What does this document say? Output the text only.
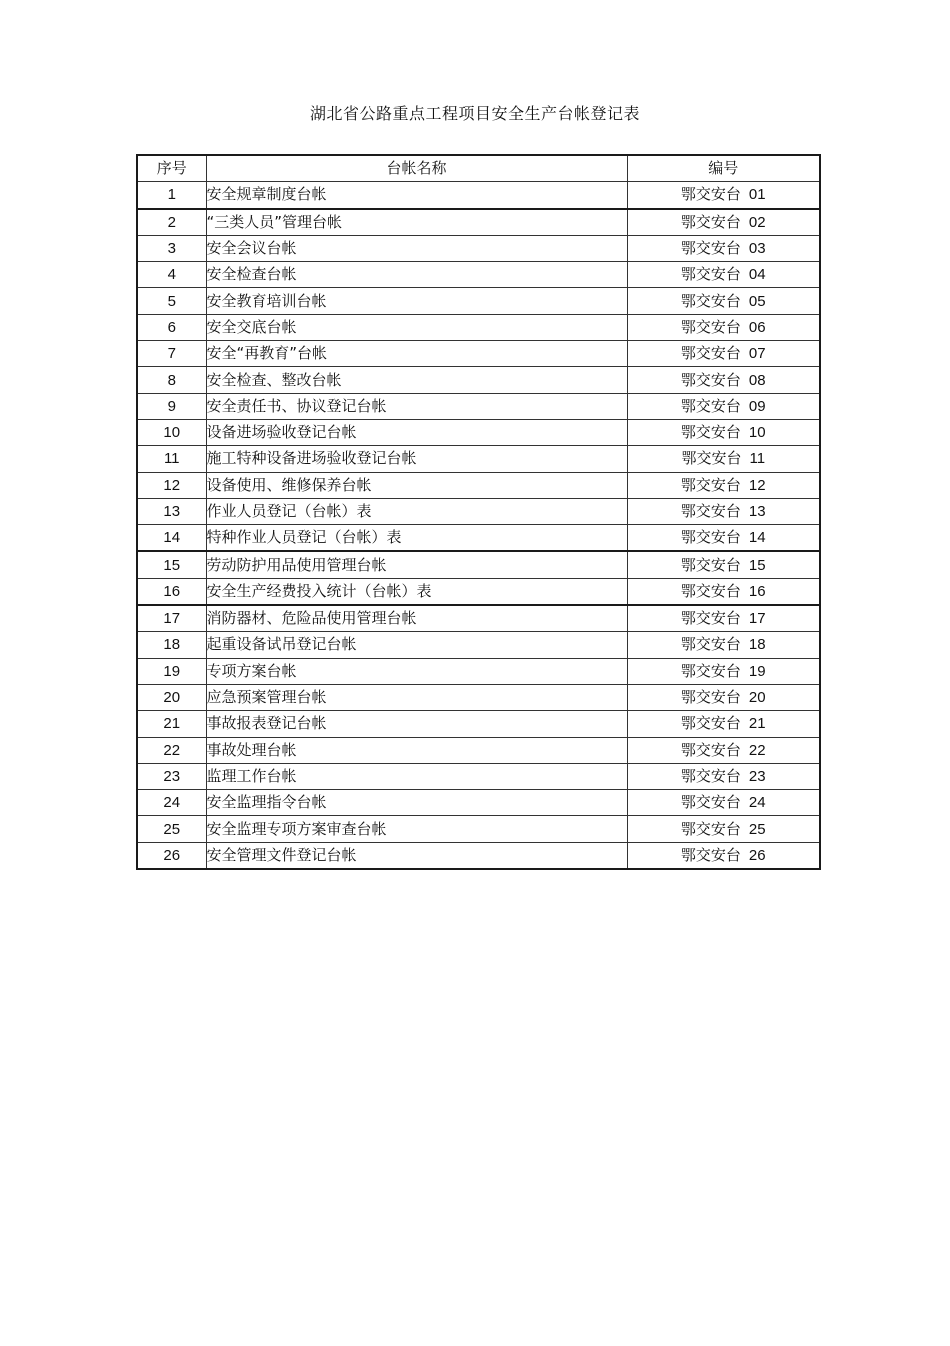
湖北省公路重点工程项目安全生产台帐登记表
序号	台帐名称	编号
1	安全规章制度台帐	鄂交安台 01
2	“三类人员”管理台帐	鄂交安台 02
3	安全会议台帐	鄂交安台 03
4	安全检查台帐	鄂交安台 04
5	安全教育培训台帐	鄂交安台 05
6	安全交底台帐	鄂交安台 06
7	安全“再教育”台帐	鄂交安台 07
8	安全检查、整改台帐	鄂交安台 08
9	安全责任书、协议登记台帐	鄂交安台 09
10	设备进场验收登记台帐	鄂交安台 10
11	施工特种设备进场验收登记台帐	鄂交安台 11
12	设备使用、维修保养台帐	鄂交安台 12
13	作业人员登记（台帐）表	鄂交安台 13
14	特种作业人员登记（台帐）表	鄂交安台 14
15	劳动防护用品使用管理台帐	鄂交安台 15
16	安全生产经费投入统计（台帐）表	鄂交安台 16
17	消防器材、危险品使用管理台帐	鄂交安台 17
18	起重设备试吊登记台帐	鄂交安台 18
19	专项方案台帐	鄂交安台 19
20	应急预案管理台帐	鄂交安台 20
21	事故报表登记台帐	鄂交安台 21
22	事故处理台帐	鄂交安台 22
23	监理工作台帐	鄂交安台 23
24	安全监理指令台帐	鄂交安台 24
25	安全监理专项方案审查台帐	鄂交安台 25
26	安全管理文件登记台帐	鄂交安台 26
